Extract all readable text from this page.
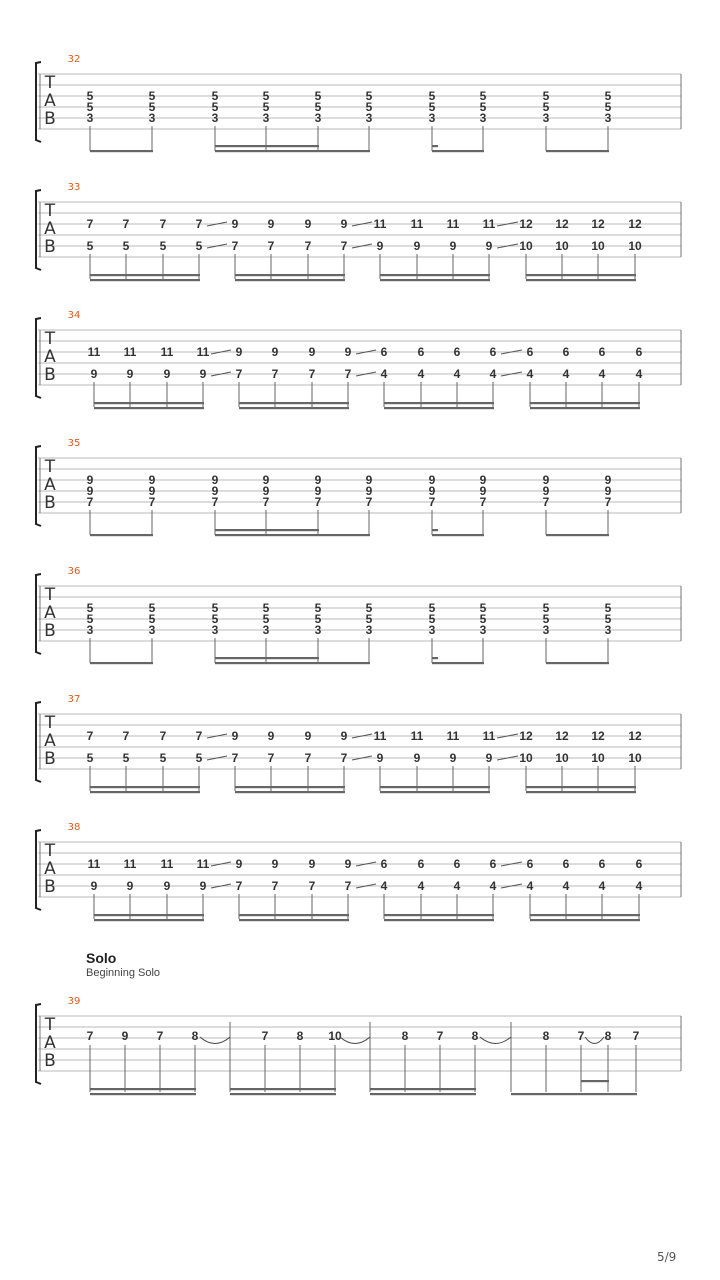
T
A
B
32
5
5
3
5
5
3
5
5
3
5
5
3
5
5
3
5
5
3
5
5
3
5
5
3
5
5
3
5
5
3
T
A
B
33
7
5
7
5
7
5
7
5
9
7
9
7
9
7
9
7
11
9
11
9
11
9
11
9
12
10
12
10
12
10
12
10
T
A
B
34
11
9
11
9
11
9
11
9
9
7
9
7
9
7
9
7
6
4
6
4
6
4
6
4
6
4
6
4
6
4
6
4
T
A
B
35
9
9
7
9
9
7
9
9
7
9
9
7
9
9
7
9
9
7
9
9
7
9
9
7
9
9
7
9
9
7
T
A
B
36
5
5
3
5
5
3
5
5
3
5
5
3
5
5
3
5
5
3
5
5
3
5
5
3
5
5
3
5
5
3
T
A
B
37
7
5
7
5
7
5
7
5
9
7
9
7
9
7
9
7
11
9
11
9
11
9
11
9
12
10
12
10
12
10
12
10
T
A
B
38
11
9
11
9
11
9
11
9
9
7
9
7
9
7
9
7
6
4
6
4
6
4
6
4
6
4
6
4
6
4
6
4
T
A
B
39
7 9 7 8	7 8 10	8 7 8	8 7 8 7
Solo
Beginning Solo
5/9
